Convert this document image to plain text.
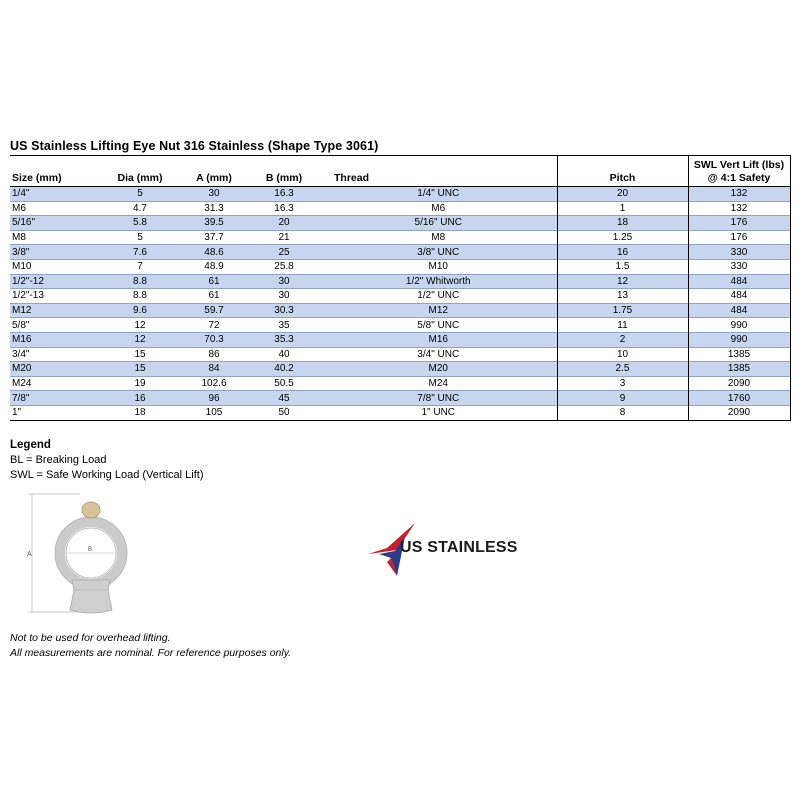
US Stainless Lifting Eye Nut 316 Stainless (Shape Type 3061)
Size (mm)	Dia (mm)	A (mm)	B (mm)	Thread	Pitch	SWL Vert Lift (lbs)
@ 4:1 Safety

1/4"	5	30	16.3	1/4" UNC	20	132
M6	4.7	31.3	16.3	M6	1	132
5/16"	5.8	39.5	20	5/16" UNC	18	176
M8	5	37.7	21	M8	1.25	176
3/8"	7.6	48.6	25	3/8" UNC	16	330
M10	7	48.9	25.8	M10	1.5	330
1/2"-12	8.8	61	30	1/2" Whitworth	12	484
1/2"-13	8.8	61	30	1/2" UNC	13	484
M12	9.6	59.7	30.3	M12	1.75	484
5/8"	12	72	35	5/8" UNC	11	990
M16	12	70.3	35.3	M16	2	990
3/4"	15	86	40	3/4" UNC	10	1385
M20	15	84	40.2	M20	2.5	1385
M24	19	102.6	50.5	M24	3	2090
7/8"	16	96	45	7/8" UNC	9	1760
1"	18	105	50	1" UNC	8	2090
Legend
BL = Breaking Load
SWL = Safe Working Load (Vertical Lift)
A
B	US STAINLESS
Not to be used for overhead lifting.
All measurements are nominal. For reference purposes only.
